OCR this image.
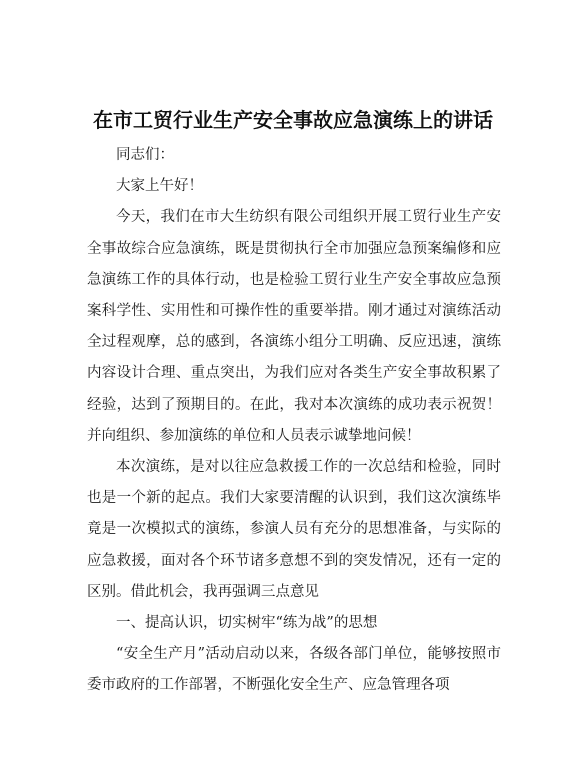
在市工贸行业生产安全事故应急演练上的讲话

同志们：

大家上午好！

今天，我们在市大生纺织有限公司组织开展工贸行业生产安全事故综合应急演练，既是贯彻执行全市加强应急预案编修和应急演练工作的具体行动，也是检验工贸行业生产安全事故应急预案科学性、实用性和可操作性的重要举措。刚才通过对演练活动全过程观摩，总的感到，各演练小组分工明确、反应迅速，演练内容设计合理、重点突出，为我们应对各类生产安全事故积累了经验，达到了预期目的。在此，我对本次演练的成功表示祝贺！并向组织、参加演练的单位和人员表示诚挚地问候！

本次演练，是对以往应急救援工作的一次总结和检验，同时也是一个新的起点。我们大家要清醒的认识到，我们这次演练毕竟是一次模拟式的演练，参演人员有充分的思想准备，与实际的应急救援，面对各个环节诸多意想不到的突发情况，还有一定的区别。借此机会，我再强调三点意见

一、提高认识，切实树牢“练为战”的思想

“安全生产月”活动启动以来，各级各部门单位，能够按照市委市政府的工作部署，不断强化安全生产、应急管理各项
